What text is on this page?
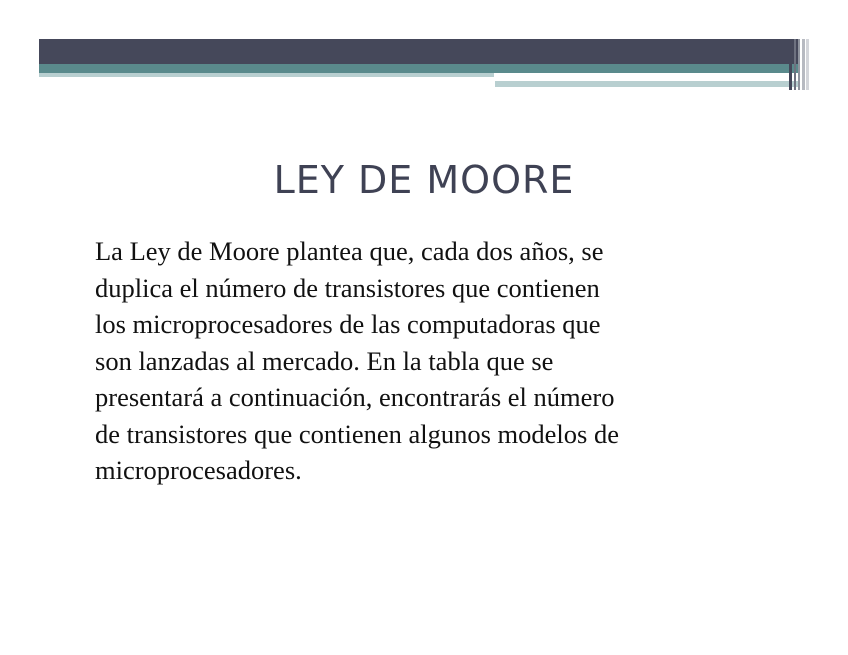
LEY DE MOORE

La Ley de Moore plantea que, cada dos años, se
duplica el número de transistores que contienen
los microprocesadores de las computadoras que
son lanzadas al mercado. En la tabla que se
presentará a continuación, encontrarás el número
de transistores que contienen algunos modelos de
microprocesadores.
